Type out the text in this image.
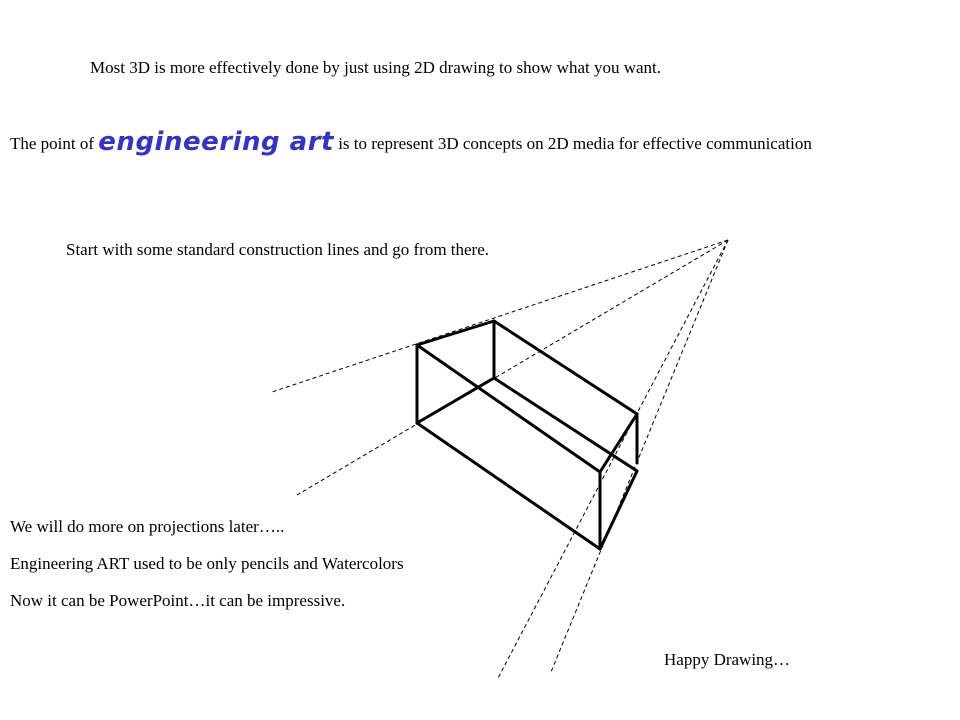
Most 3D is more effectively done by just using 2D drawing to show what you want.

The point of engineering art is to represent 3D concepts on 2D media for effective communication

Start with some standard construction lines and go from there.

We will do more on projections later…..

Engineering ART used to be only pencils and Watercolors

Now it can be PowerPoint…it can be impressive.

Happy Drawing…
